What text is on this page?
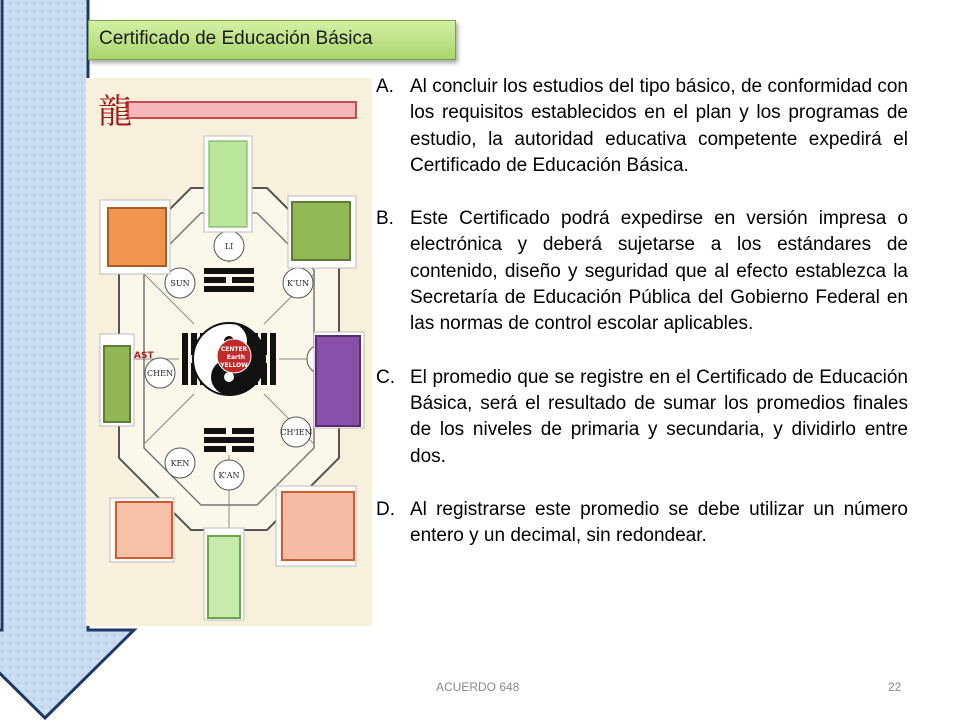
Certificado de Educación Básica
龍
LI
K'UN
CH'IEN
K'AN
KEN
CHEN
SUN
CENTER
Earth
YELLOW
AST
A. Al concluir los estudios del tipo básico, de conformidad con los requisitos establecidos en el plan y los programas de estudio, la autoridad educativa competente expedirá el Certificado de Educación Básica.
B. Este Certificado podrá expedirse en versión impresa o electrónica y deberá sujetarse a los estándares de contenido, diseño y seguridad que al efecto establezca la Secretaría de Educación Pública del Gobierno Federal en las normas de control escolar aplicables.
C. El promedio que se registre en el Certificado de Educación Básica, será el resultado de sumar los promedios finales de los niveles de primaria y secundaria, y dividirlo entre dos.
D. Al registrarse este promedio se debe utilizar un número entero y un decimal, sin redondear.
ACUERDO 648	22
